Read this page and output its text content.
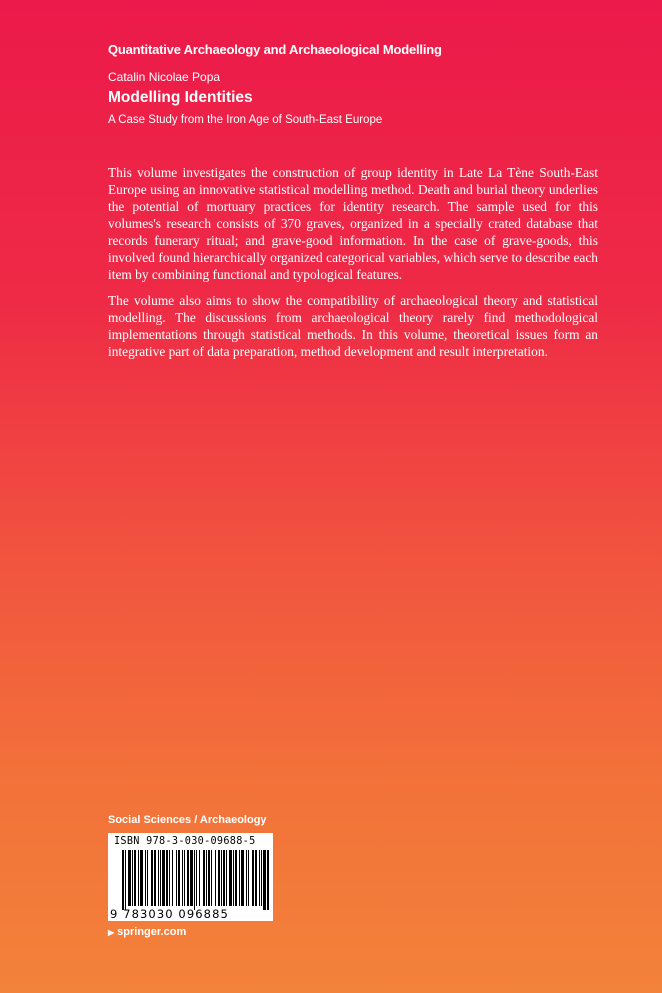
Quantitative Archaeology and Archaeological Modelling
Catalin Nicolae Popa
Modelling Identities
A Case Study from the Iron Age of South-East Europe

This volume investigates the construction of group identity in Late La Tène South-East Europe using an innovative statistical modelling method. Death and burial theory underlies the potential of mortuary practices for identity research. The sample used for this volumes's research consists of 370 graves, organized in a specially crated database that records funerary ritual; and grave-good information. In the case of grave-goods, this involved found hierarchically organized categorical variables, which serve to describe each item by combining functional and typological features.

The volume also aims to show the compatibility of archaeological theory and statistical modelling. The discussions from archaeological theory rarely find methodological implementations through statistical methods. In this volume, theoretical issues form an integrative part of data preparation, method development and result interpretation.

Social Sciences / Archaeology
ISBN 978-3-030-09688-5
9 783030 096885
▶ springer.com
